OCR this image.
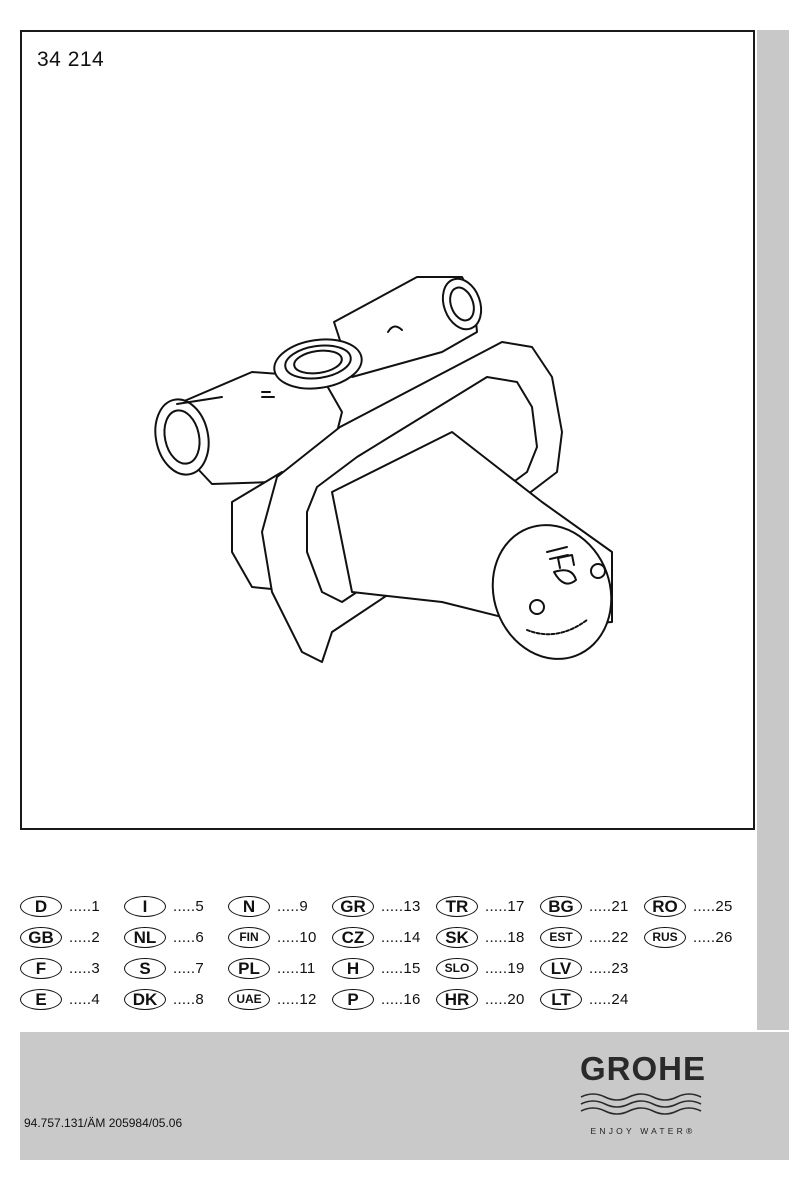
34 214
D	.....1
GB	.....2
F	.....3
E	.....4
I	.....5
NL	.....6
S	.....7
DK	.....8
N	.....9
FIN	.....10
PL	.....11
UAE	.....12
GR	.....13
CZ	.....14
H	.....15
P	.....16
TR	.....17
SK	.....18
SLO	.....19
HR	.....20
BG	.....21
EST	.....22
LV	.....23
LT	.....24
RO	.....25
RUS	.....26
94.757.131/ÄM 205984/05.06
GROHE
ENJOY WATER®
